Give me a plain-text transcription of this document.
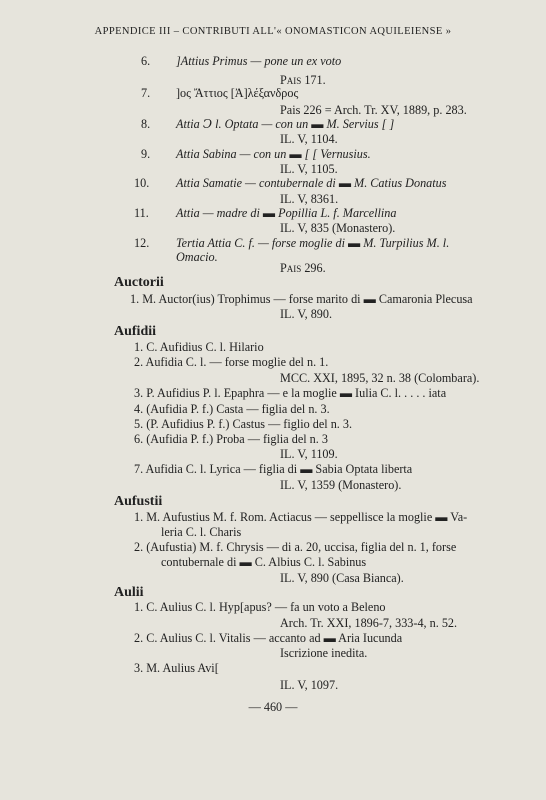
APPENDICE III – CONTRIBUTI ALL'« ONOMASTICON AQUILEIENSE »
6. ]Attius Primus — pone un ex voto
Pais 171.
7. ]ος Ἄττιος [Ἀ]λέξανδρος
Pais 226 = Arch. Tr. XV, 1889, p. 283.
8. Attia Ↄ l. Optata — con un ▬ M. Servius [ ]
IL. V, 1104.
9. Attia Sabina — con un ▬ [ [ Vernusius.
IL. V, 1105.
10. Attia Samatie — contubernale di ▬ M. Catius Donatus
IL. V, 8361.
11. Attia — madre di ▬ Popillia L. f. Marcellina
IL. V, 835 (Monastero).
12. Tertia Attia C. f. — forse moglie di ▬ M. Turpilius M. l.
Omacio.
Pais 296.
Auctorii
1. M. Auctor(ius) Trophimus — forse marito di ▬ Camaronia Plecusa
IL. V, 890.
Aufidii
1. C. Aufidius C. l. Hilario
2. Aufidia C. l. — forse moglie del n. 1.
MCC. XXI, 1895, 32 n. 38 (Colombara).
3. P. Aufidius P. l. Epaphra — e la moglie ▬ Iulia C. l. . . . . iata
4. (Aufidia P. f.) Casta — figlia del n. 3.
5. (P. Aufidius P. f.) Castus — figlio del n. 3.
6. (Aufidia P. f.) Proba — figlia del n. 3
IL. V, 1109.
7. Aufidia C. l. Lyrica — figlia di ▬ Sabia Optata liberta
IL. V, 1359 (Monastero).
Aufustii
1. M. Aufustius M. f. Rom. Actiacus — seppellisce la moglie ▬ Va-
leria C. l. Charis
2. (Aufustia) M. f. Chrysis — di a. 20, uccisa, figlia del n. 1, forse
contubernale di ▬ C. Albius C. l. Sabinus
IL. V, 890 (Casa Bianca).
Aulii
1. C. Aulius C. l. Hyp[apus? — fa un voto a Beleno
Arch. Tr. XXI, 1896-7, 333-4, n. 52.
2. C. Aulius C. l. Vitalis — accanto ad ▬ Aria Iucunda
Iscrizione inedita.
3. M. Aulius Avi[
IL. V, 1097.
— 460 —
